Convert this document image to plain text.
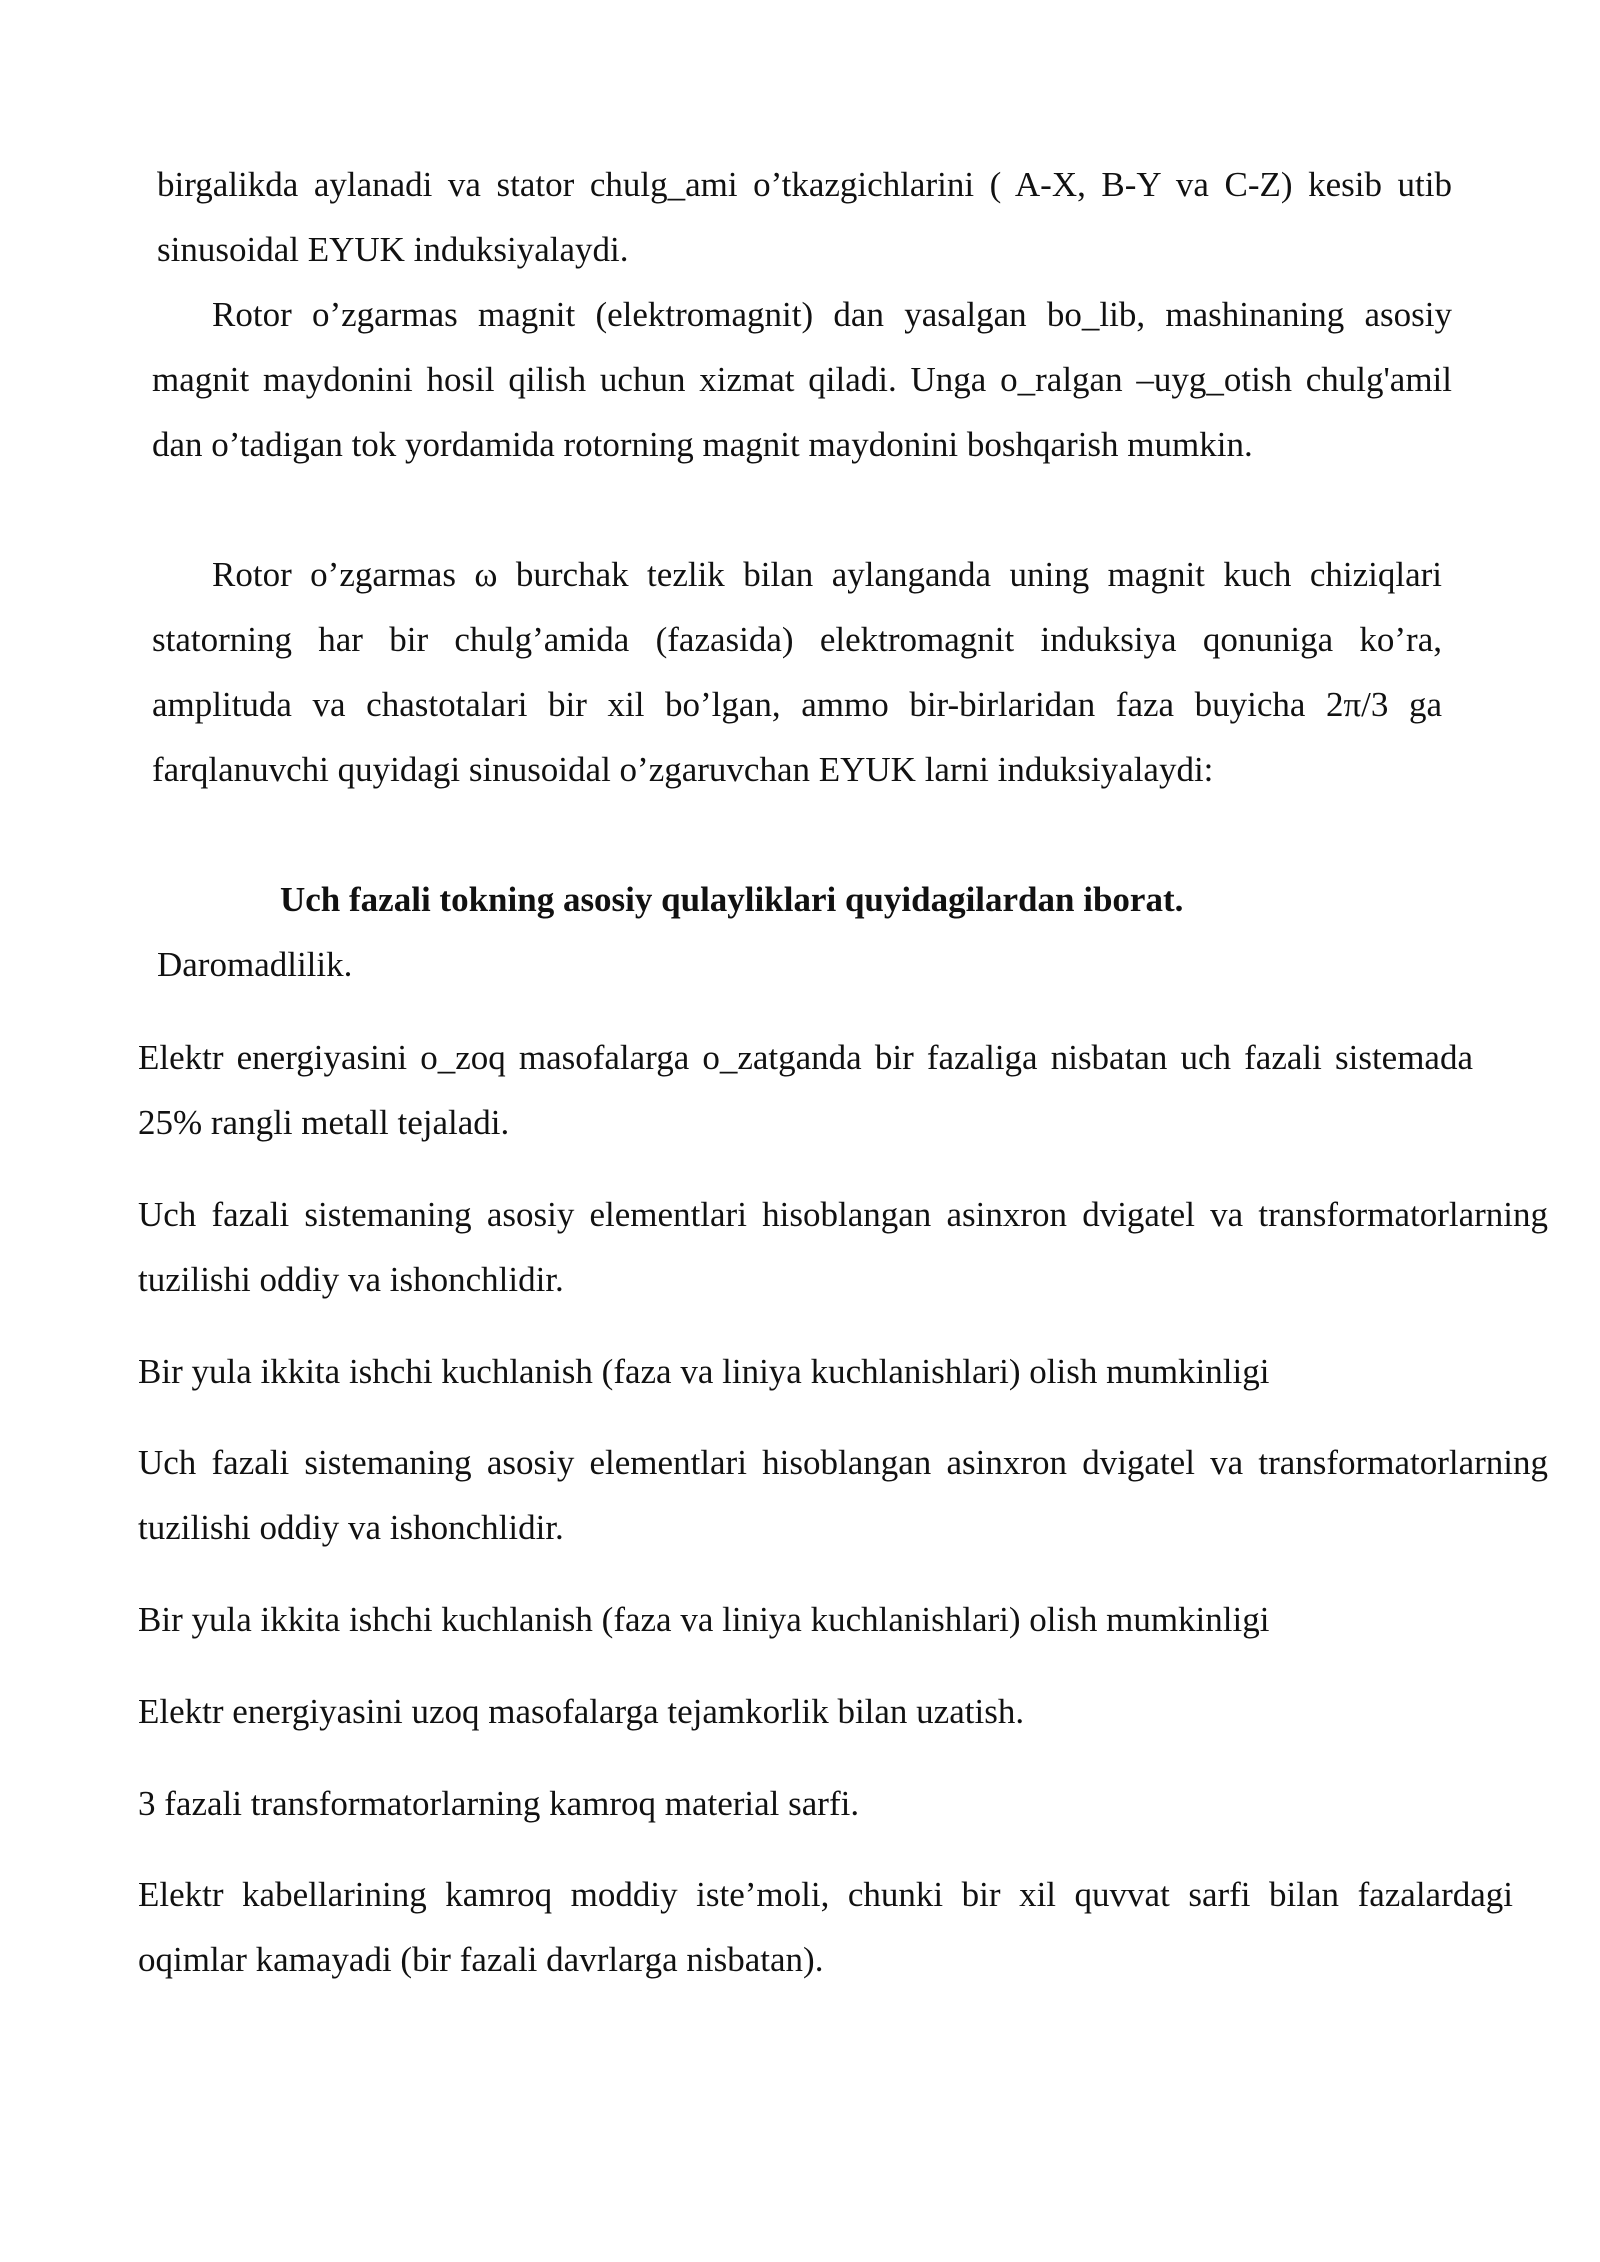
birgalikda aylanadi va stator chulg_ami o’tkazgichlarini ( A-X, B-Y va C-Z) kesib utib sinusoidal EYUK induksiyalaydi.

Rotor o’zgarmas magnit (elektromagnit) dan yasalgan bo_lib, mashinaning asosiy magnit maydonini hosil qilish uchun xizmat qiladi. Unga o_ralgan –uyg_otish chulg'amil dan o’tadigan tok yordamida rotorning magnit maydonini boshqarish mumkin.

Rotor o’zgarmas ω burchak tezlik bilan aylanganda uning magnit kuch chiziqlari statorning har bir chulg’amida (fazasida) elektromagnit induksiya qonuniga ko’ra, amplituda va chastotalari bir xil bo’lgan, ammo bir-birlaridan faza buyicha 2π/3 ga farqlanuvchi quyidagi sinusoidal o’zgaruvchan EYUK larni induksiyalaydi:

Uch fazali tokning asosiy qulayliklari quyidagilardan iborat.

Daromadlilik.

Elektr energiyasini o_zoq masofalarga o_zatganda bir fazaliga nisbatan uch fazali sistemada 25% rangli metall tejaladi.

Uch fazali sistemaning asosiy elementlari hisoblangan asinxron dvigatel va transformatorlarning tuzilishi oddiy va ishonchlidir.

Bir yula ikkita ishchi kuchlanish (faza va liniya kuchlanishlari) olish mumkinligi

Uch fazali sistemaning asosiy elementlari hisoblangan asinxron dvigatel va transformatorlarning tuzilishi oddiy va ishonchlidir.

Bir yula ikkita ishchi kuchlanish (faza va liniya kuchlanishlari) olish mumkinligi

Elektr energiyasini uzoq masofalarga tejamkorlik bilan uzatish.

3 fazali transformatorlarning kamroq material sarfi.

Elektr kabellarining kamroq moddiy iste’moli, chunki bir xil quvvat sarfi bilan fazalardagi oqimlar kamayadi (bir fazali davrlarga nisbatan).
